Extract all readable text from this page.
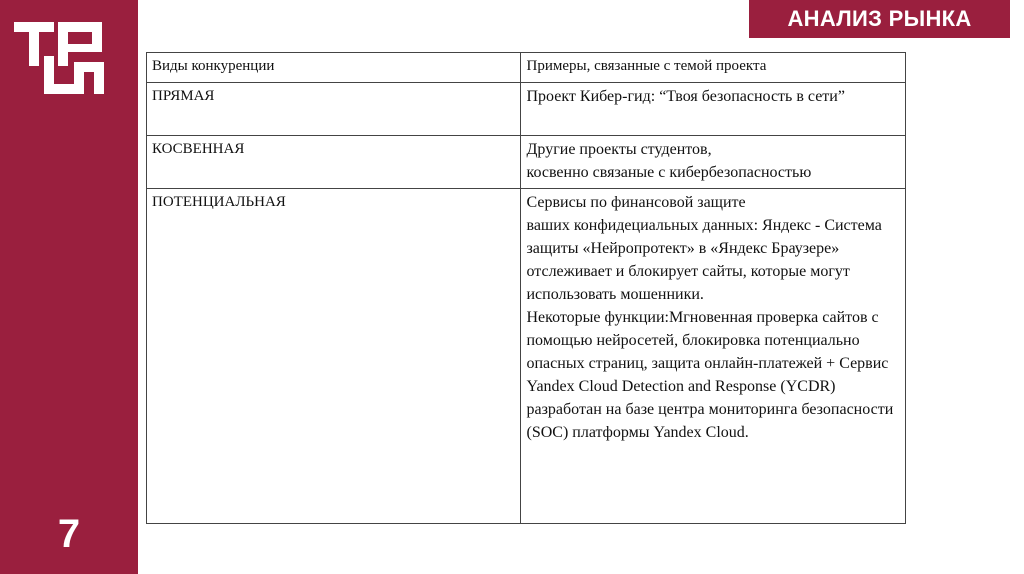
7
АНАЛИЗ РЫНКА
Виды конкуренции	Примеры, связанные с темой проекта
ПРЯМАЯ	Проект Кибер-гид: “Твоя безопасность в сети”
КОСВЕННАЯ	Другие проекты студентов,
косвенно связаные с кибербезопасностью
ПОТЕНЦИАЛЬНАЯ	Сервисы по финансовой защите
ваших конфидециальных данных: Яндекс - Система защиты «Нейропротект» в «Яндекс Браузере» отслеживает и блокирует сайты, которые могут использовать мошенники.
Некоторые функции:Мгновенная проверка сайтов с помощью нейросетей, блокировка потенциально опасных страниц, защита онлайн-платежей + Сервис
Yandex Cloud Detection and Response (YCDR) разработан на базе центра мониторинга безопасности (SOC) платформы Yandex Cloud.
